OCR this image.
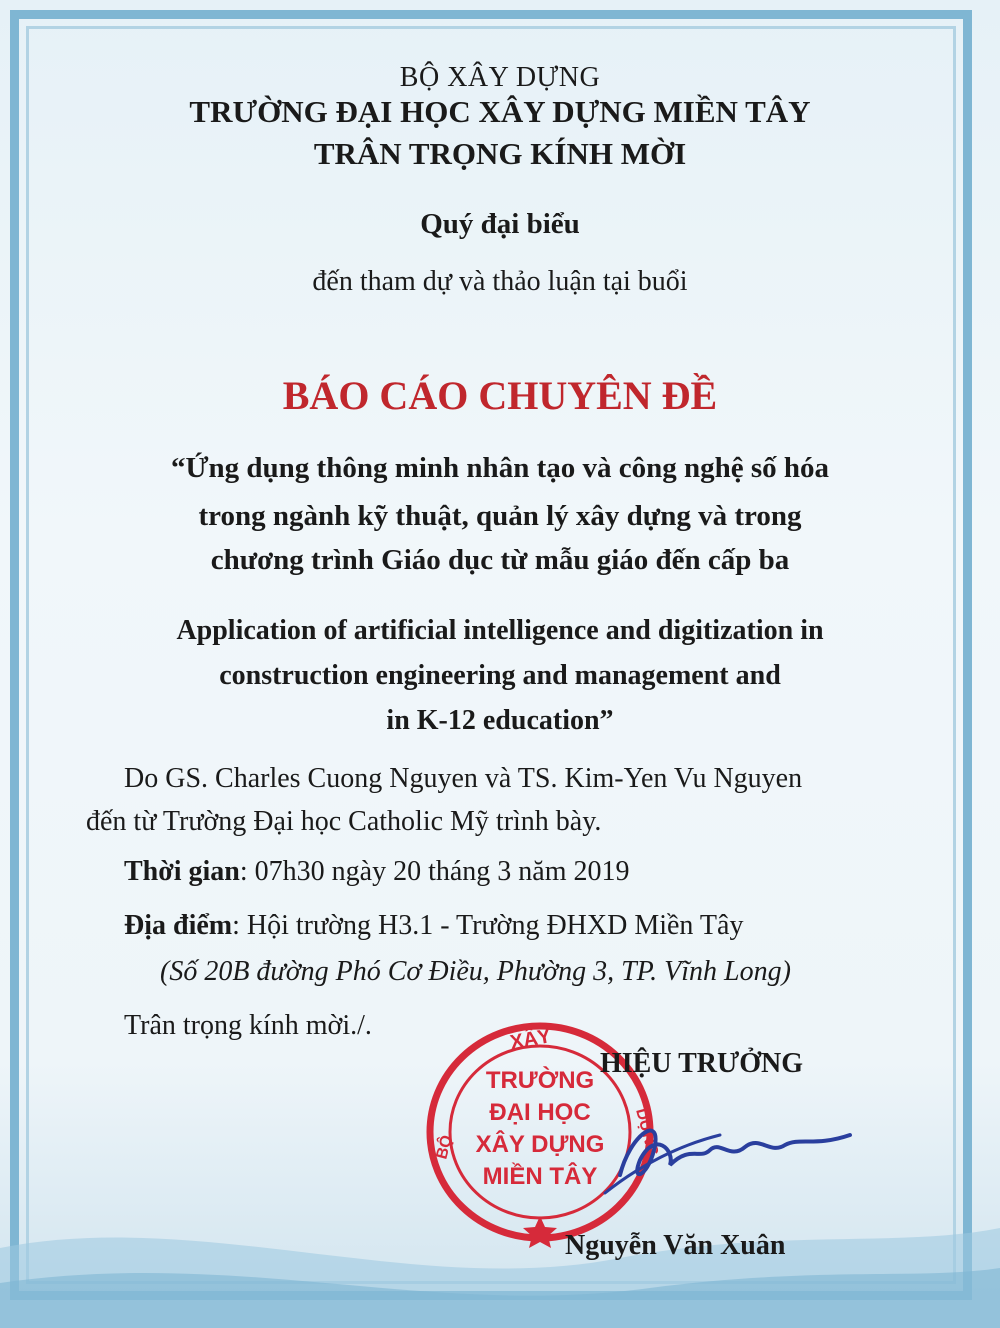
BỘ XÂY DỰNG
TRƯỜNG ĐẠI HỌC XÂY DỰNG MIỀN TÂY
TRÂN TRỌNG KÍNH MỜI
Quý đại biểu
đến tham dự và thảo luận tại buổi
BÁO CÁO CHUYÊN ĐỀ
“Ứng dụng thông minh nhân tạo và công nghệ số hóa
trong ngành kỹ thuật, quản lý xây dựng và trong
chương trình Giáo dục từ mẫu giáo đến cấp ba
Application of artificial intelligence and digitization in
construction engineering and management and
in K-12 education”
Do GS. Charles Cuong Nguyen và TS. Kim-Yen Vu Nguyen
đến từ Trường Đại học Catholic Mỹ trình bày.
Thời gian: 07h30 ngày 20 tháng 3 năm 2019
Địa điểm: Hội trường H3.1 - Trường ĐHXD Miền Tây
(Số 20B đường Phó Cơ Điều, Phường 3, TP. Vĩnh Long)
Trân trọng kính mời./.	XÂY
TRƯỜNG
ĐẠI HỌC
XÂY DỰNG
MIỀN TÂY
BỘ	DỰNG
HIỆU TRƯỞNG
Nguyễn Văn Xuân
